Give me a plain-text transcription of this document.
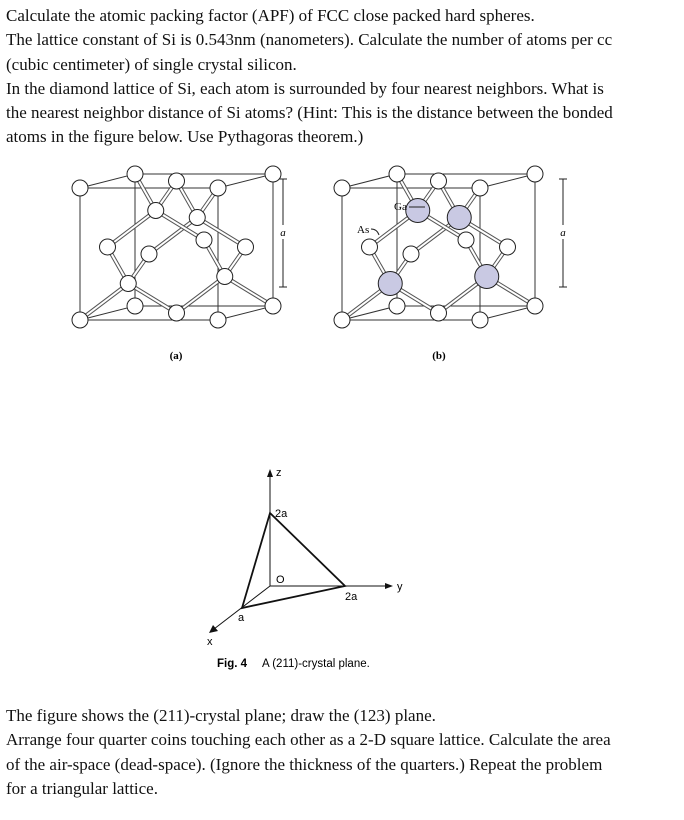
Calculate the atomic packing factor (APF) of FCC close packed hard spheres.
The lattice constant of Si is 0.543nm (nanometers). Calculate the number of atoms per cc
(cubic centimeter) of single crystal silicon.
In the diamond lattice of Si, each atom is surrounded by four nearest neighbors. What is
the nearest neighbor distance of Si atoms? (Hint: This is the distance between the bonded
atoms in the figure below. Use Pythagoras theorem.)
a	a
Ga
As
(a)	(b)
z
y
x
O
2a
2a
a
Fig. 4 A (211)-crystal plane.
The figure shows the (211)-crystal plane; draw the (123) plane.
Arrange four quarter coins touching each other as a 2-D square lattice. Calculate the area
of the air-space (dead-space). (Ignore the thickness of the quarters.) Repeat the problem
for a triangular lattice.
